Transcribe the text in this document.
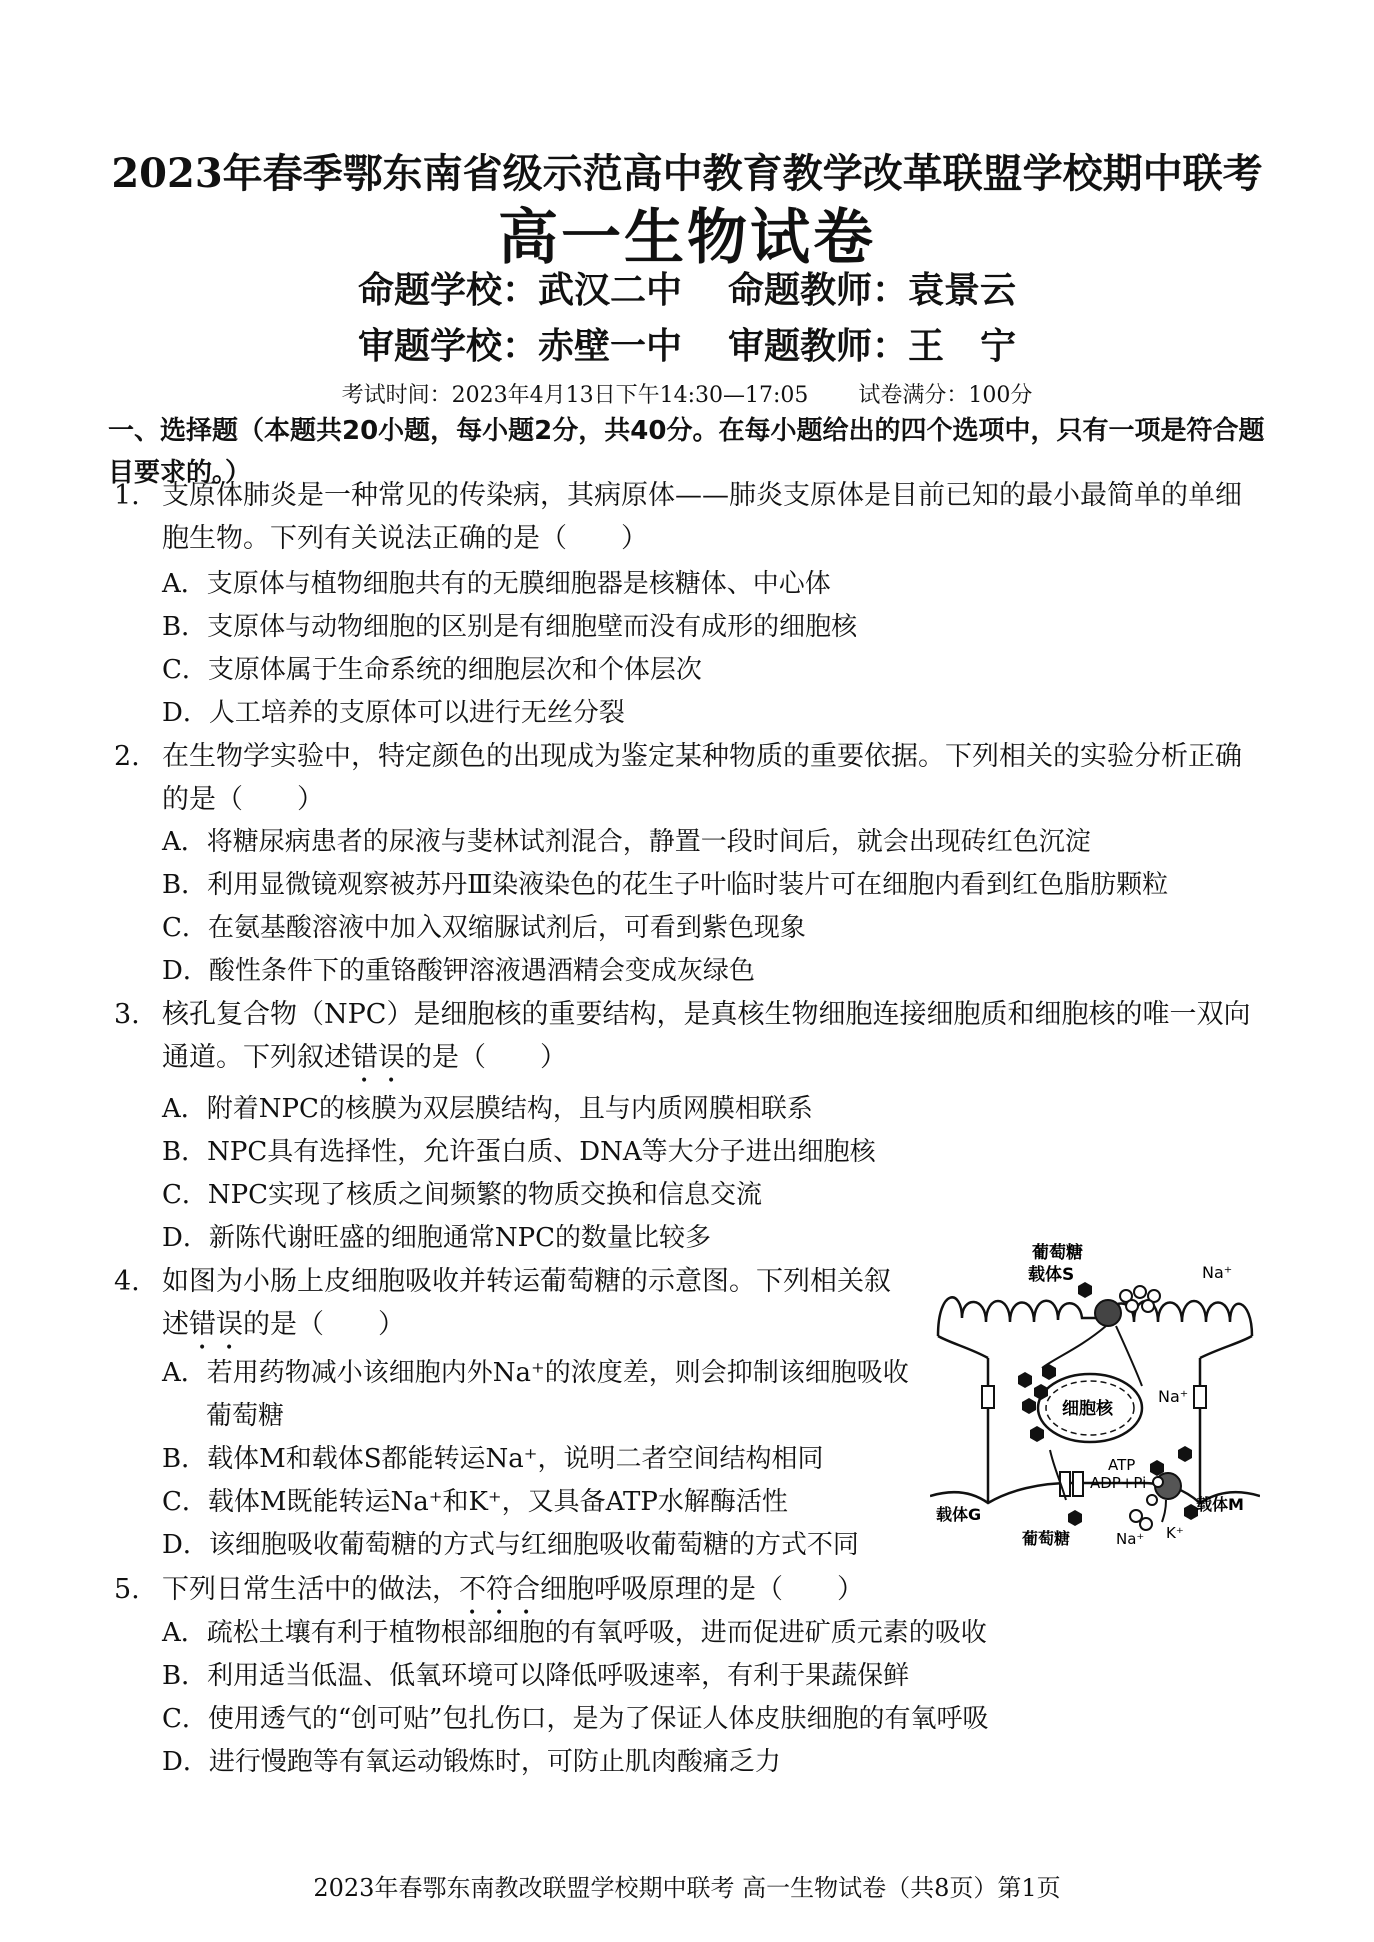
2023年春季鄂东南省级示范高中教育教学改革联盟学校期中联考
高一生物试卷
命题学校：武汉二中 命题教师：袁景云
审题学校：赤壁一中 审题教师：王　宁
考试时间：2023年4月13日下午14:30—17:05 试卷满分：100分
一、选择题（本题共20小题，每小题2分，共40分。在每小题给出的四个选项中，只有一项是符合题目要求的。）
1. 支原体肺炎是一种常见的传染病，其病原体——肺炎支原体是目前已知的最小最简单的单细胞生物。下列有关说法正确的是（　　）
A．支原体与植物细胞共有的无膜细胞器是核糖体、中心体
B．支原体与动物细胞的区别是有细胞壁而没有成形的细胞核
C．支原体属于生命系统的细胞层次和个体层次
D．人工培养的支原体可以进行无丝分裂
2. 在生物学实验中，特定颜色的出现成为鉴定某种物质的重要依据。下列相关的实验分析正确的是（　　）
A．将糖尿病患者的尿液与斐林试剂混合，静置一段时间后，就会出现砖红色沉淀
B．利用显微镜观察被苏丹Ⅲ染液染色的花生子叶临时装片可在细胞内看到红色脂肪颗粒
C．在氨基酸溶液中加入双缩脲试剂后，可看到紫色现象
D．酸性条件下的重铬酸钾溶液遇酒精会变成灰绿色
3. 核孔复合物（NPC）是细胞核的重要结构，是真核生物细胞连接细胞质和细胞核的唯一双向通道。下列叙述错误的是（　　）
A．附着NPC的核膜为双层膜结构，且与内质网膜相联系
B．NPC具有选择性，允许蛋白质、DNA等大分子进出细胞核
C．NPC实现了核质之间频繁的物质交换和信息交流
D．新陈代谢旺盛的细胞通常NPC的数量比较多
4. 如图为小肠上皮细胞吸收并转运葡萄糖的示意图。下列相关叙述错误的是（　　）
A．若用药物减小该细胞内外Na⁺的浓度差，则会抑制该细胞吸收
葡萄糖
B．载体M和载体S都能转运Na⁺，说明二者空间结构相同
C．载体M既能转运Na⁺和K⁺，又具备ATP水解酶活性
D．该细胞吸收葡萄糖的方式与红细胞吸收葡萄糖的方式不同
葡萄糖
载体S	Na⁺
细胞核
Na⁺
ATP
ADP+Pi
载体G
载体M
葡萄糖	Na⁺ K⁺
5. 下列日常生活中的做法，不符合细胞呼吸原理的是（　　）
A．疏松土壤有利于植物根部细胞的有氧呼吸，进而促进矿质元素的吸收
B．利用适当低温、低氧环境可以降低呼吸速率，有利于果蔬保鲜
C．使用透气的“创可贴”包扎伤口，是为了保证人体皮肤细胞的有氧呼吸
D．进行慢跑等有氧运动锻炼时，可防止肌肉酸痛乏力
2023年春鄂东南教改联盟学校期中联考 高一生物试卷（共8页）第1页
